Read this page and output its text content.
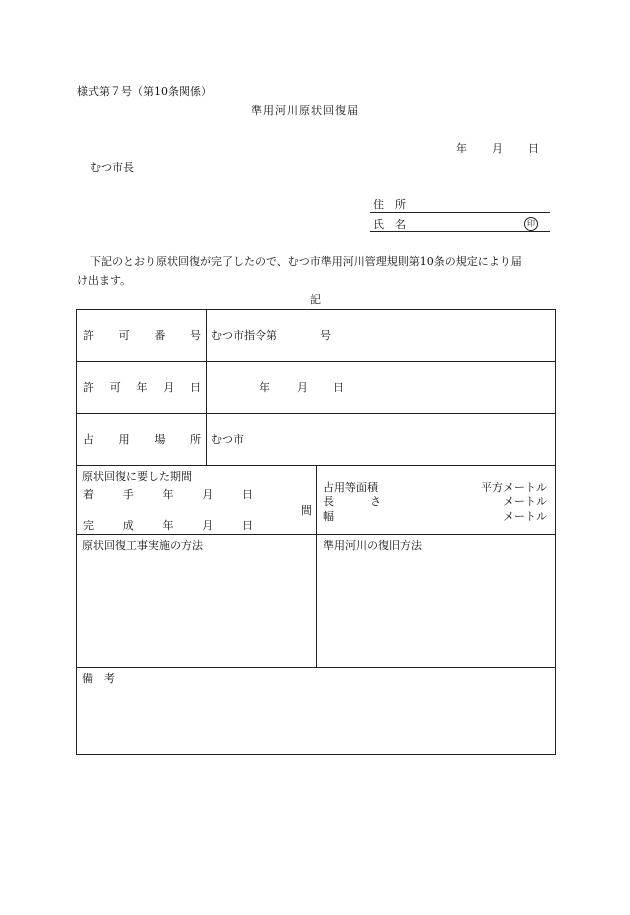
様式第７号（第10条関係）
準用河川原状回復届
年 月 日
むつ市長
住　所
氏　名	印
下記のとおり原状回復が完了したので、むつ市準用河川管理規則第10条の規定により届
け出ます。
記
許 可 番 号 むつ市指令第	号
許 可 年 月 日	年 月 日
占 用 場 所 むつ市
原状回復に要した期間
着	手	年	月	日
間
完	成	年	月	日
占用等面積	平方メートル
長	さ	メートル
幅	メートル
原状回復工事実施の方法	準用河川の復旧方法
備　考
